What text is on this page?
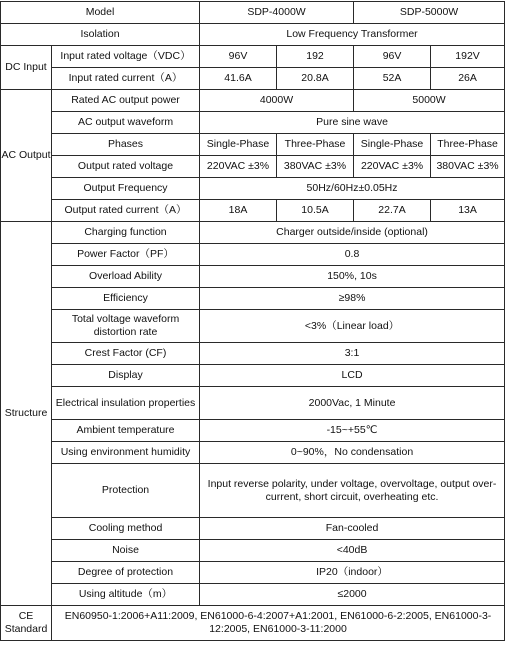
Model		SDP-4000W		SDP-5000W	
Isolation		Low Frequency Transformer			
DC Input	Input rated voltage（VDC）	96V	192	96V	192V
	Input rated current（A）	41.6A	20.8A	52A	26A
AC Output	Rated AC output power	4000W		5000W	
	AC output waveform	Pure sine wave			
	Phases	Single-Phase	Three-Phase	Single-Phase	Three-Phase
	Output rated voltage	220VAC ±3%	380VAC ±3%	220VAC ±3%	380VAC ±3%
	Output Frequency	50Hz/60Hz±0.05Hz			
	Output rated current（A）	18A	10.5A	22.7A	13A
Structure	Charging function	Charger outside/inside (optional)			
	Power Factor（PF）	0.8			
	Overload Ability	150%, 10s			
	Efficiency	≥98%			
	Total voltage waveform distortion rate	<3%（Linear load）			
	Crest Factor (CF)	3:1			
	Display	LCD			
	Electrical insulation properties	2000Vac, 1 Minute			
	Ambient temperature	-15~+55℃			
	Using environment humidity	0~90%，No condensation			
	Protection	Input reverse polarity, under voltage, overvoltage, output over-current, short circuit, overheating etc.			
	Cooling method	Fan-cooled			
	Noise	<40dB			
	Degree of protection	IP20（indoor）			
	Using altitude（m）	≤2000			
CE Standard	EN60950-1:2006+A11:2009, EN61000-6-4:2007+A1:2001, EN61000-6-2:2005, EN61000-3-12:2005, EN61000-3-11:2000				
